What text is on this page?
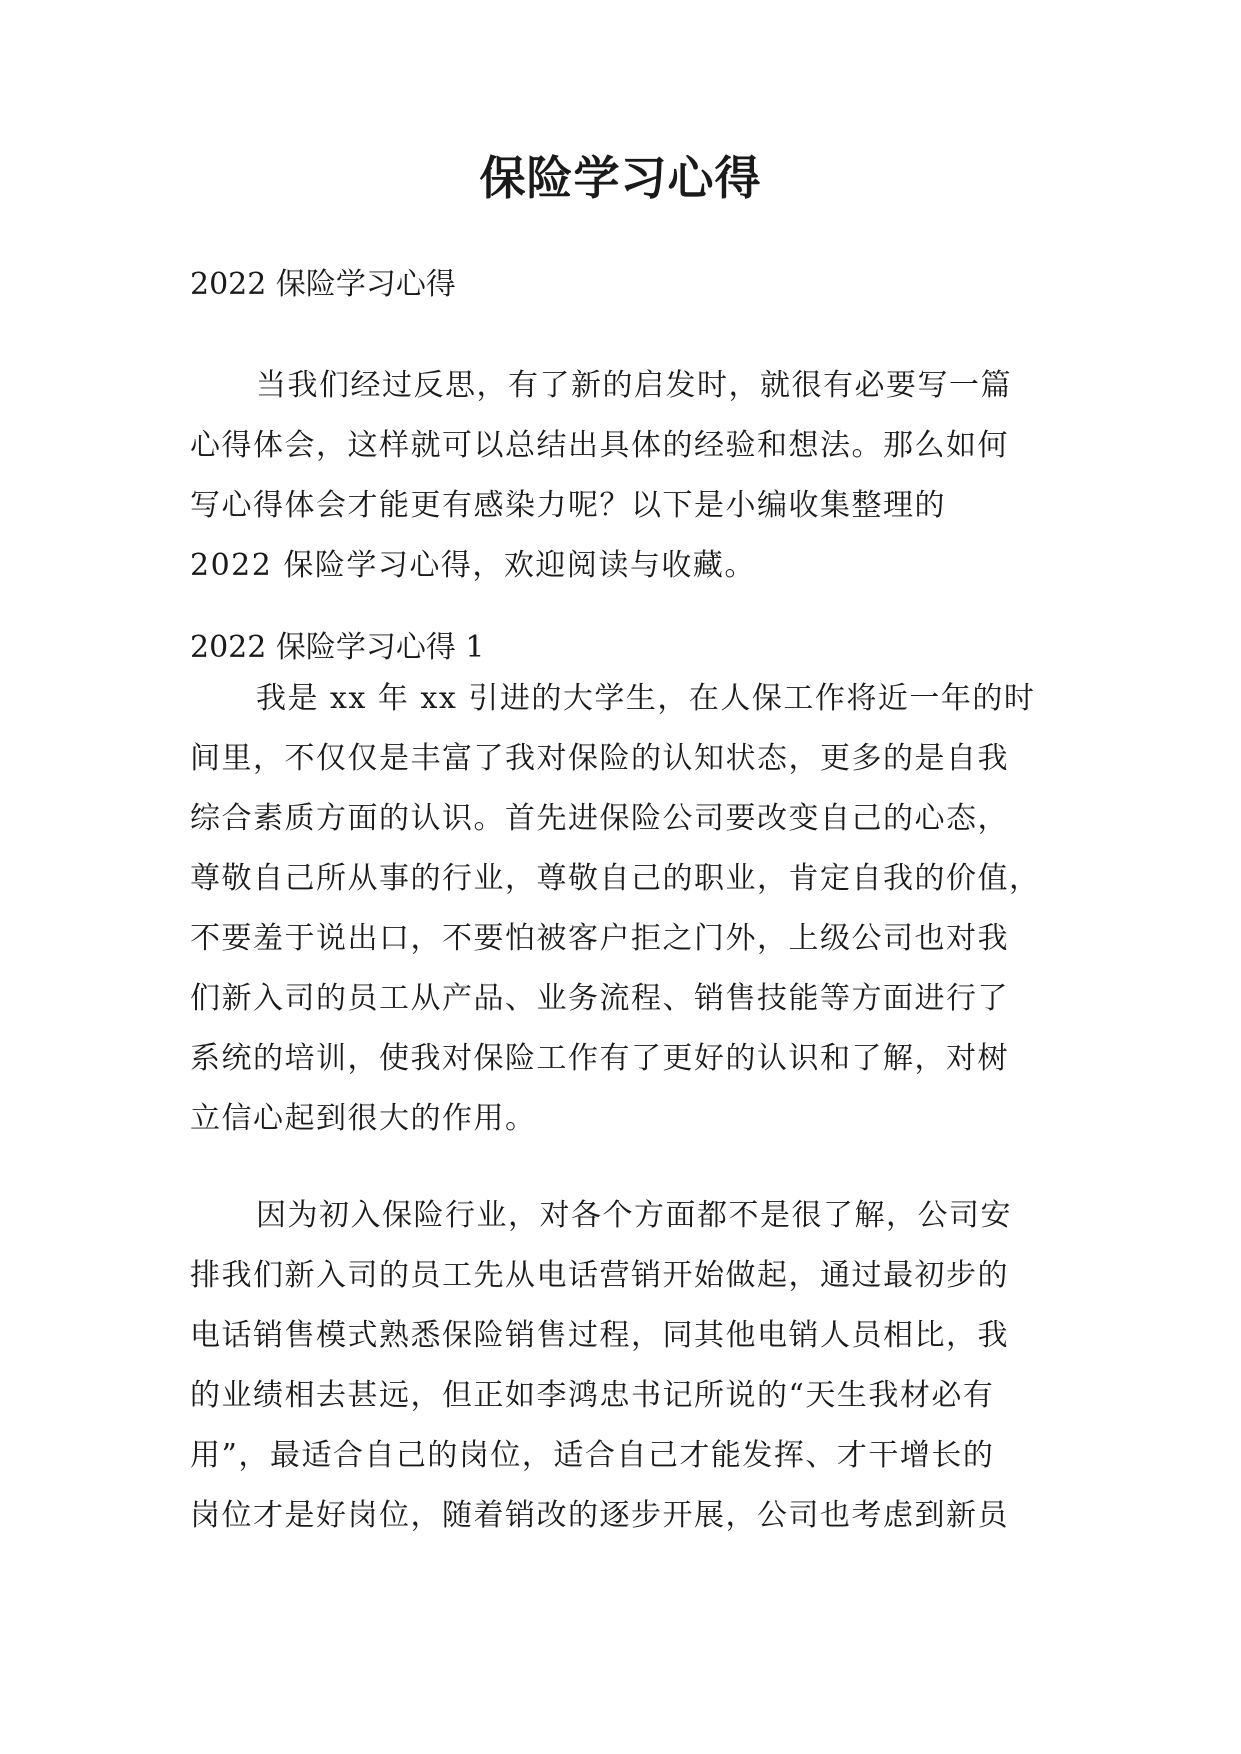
保险学习心得
2022 保险学习心得
当我们经过反思，有了新的启发时，就很有必要写一篇
心得体会，这样就可以总结出具体的经验和想法。那么如何
写心得体会才能更有感染力呢？以下是小编收集整理的
2022 保险学习心得，欢迎阅读与收藏。
2022 保险学习心得 1
我是 xx 年 xx 引进的大学生，在人保工作将近一年的时
间里，不仅仅是丰富了我对保险的认知状态，更多的是自我
综合素质方面的认识。首先进保险公司要改变自己的心态，
尊敬自己所从事的行业，尊敬自己的职业，肯定自我的价值，
不要羞于说出口，不要怕被客户拒之门外，上级公司也对我
们新入司的员工从产品、业务流程、销售技能等方面进行了
系统的培训，使我对保险工作有了更好的认识和了解，对树
立信心起到很大的作用。
因为初入保险行业，对各个方面都不是很了解，公司安
排我们新入司的员工先从电话营销开始做起，通过最初步的
电话销售模式熟悉保险销售过程，同其他电销人员相比，我
的业绩相去甚远，但正如李鸿忠书记所说的“天生我材必有
用”，最适合自己的岗位，适合自己才能发挥、才干增长的
岗位才是好岗位，随着销改的逐步开展，公司也考虑到新员
